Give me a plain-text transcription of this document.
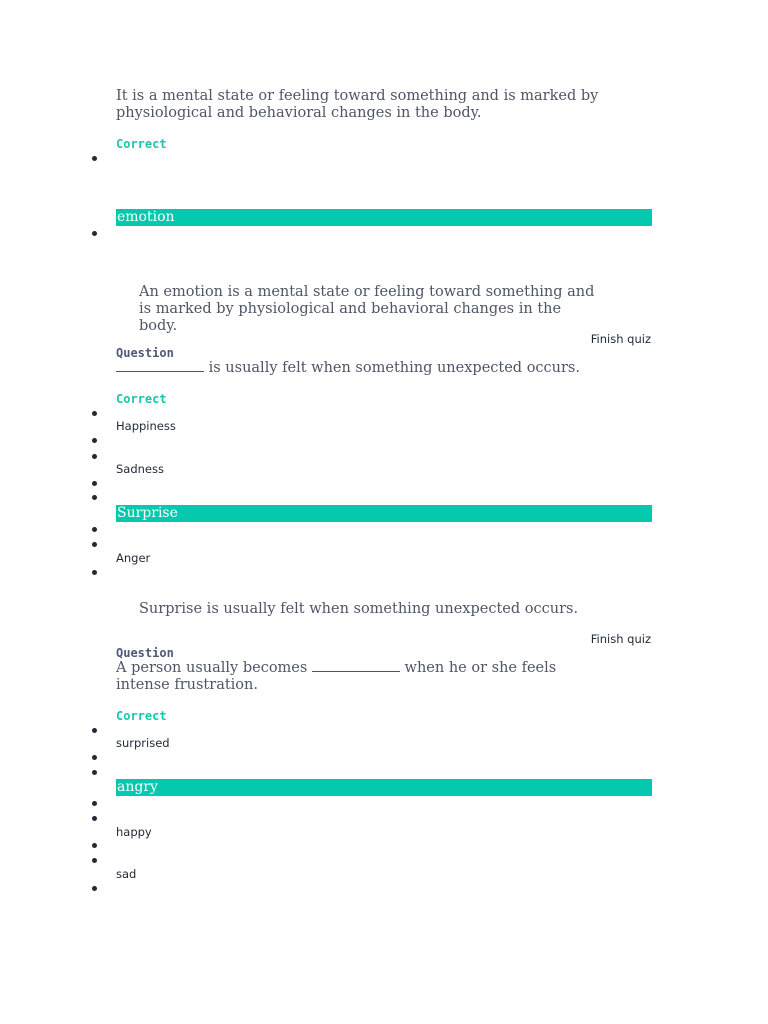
It is a mental state or feeling toward something and is marked by physiological and behavioral changes in the body.
Correct
emotion
An emotion is a mental state or feeling toward something and is marked by physiological and behavioral changes in the body.
Finish quiz
Question
is usually felt when something unexpected occurs.
Correct
Happiness
Sadness
Surprise
Anger
Surprise is usually felt when something unexpected occurs.
Finish quiz
Question
A person usually becomes	when he or she feels intense frustration.
Correct
surprised
angry
happy
sad
